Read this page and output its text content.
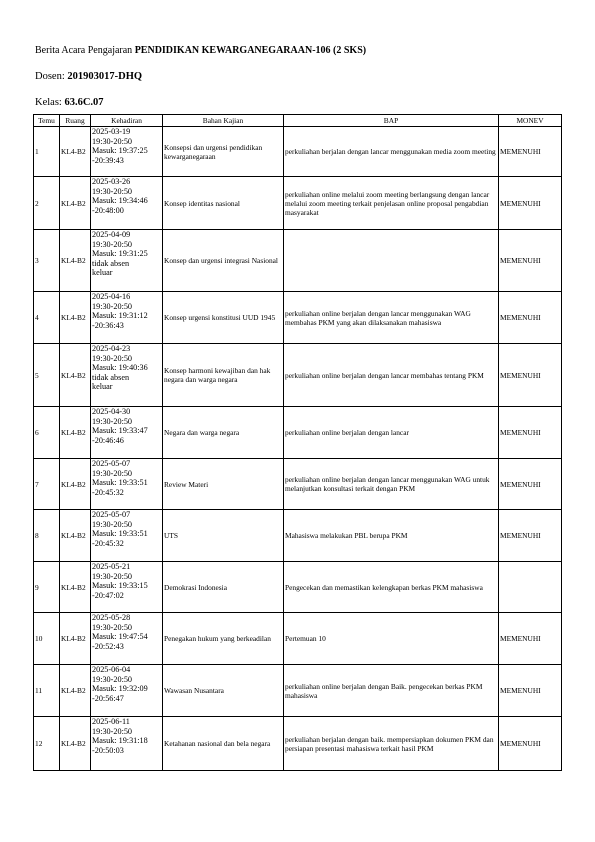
Berita Acara Pengajaran PENDIDIKAN KEWARGANEGARAAN-106 (2 SKS)
Dosen: 201903017-DHQ
Kelas: 63.6C.07
Temu	Ruang	Kehadiran	Bahan Kajian	BAP	MONEV
1	KL4-B2	2025-03-19
19:30-20:50
Masuk: 19:37:25
-20:39:43	Konsepsi dan urgensi pendidikan kewarganegaraan	perkuliahan berjalan dengan lancar menggunakan media zoom meeting	MEMENUHI
2	KL4-B2	2025-03-26
19:30-20:50
Masuk: 19:34:46
-20:48:00	Konsep identitas nasional	perkuliahan online melalui zoom meeting berlangsung dengan lancar melalui zoom meeting terkait penjelasan online proposal pengabdian masyarakat	MEMENUHI
3	KL4-B2	2025-04-09
19:30-20:50
Masuk: 19:31:25
tidak absen
keluar	Konsep dan urgensi integrasi Nasional		MEMENUHI
4	KL4-B2	2025-04-16
19:30-20:50
Masuk: 19:31:12
-20:36:43	Konsep urgensi konstitusi UUD 1945	perkuliahan online berjalan dengan lancar menggunakan WAG membahas PKM yang akan dilaksanakan mahasiswa	MEMENUHI
5	KL4-B2	2025-04-23
19:30-20:50
Masuk: 19:40:36
tidak absen
keluar	Konsep harmoni kewajiban dan hak negara dan warga negara	perkuliahan online berjalan dengan lancar membahas tentang PKM	MEMENUHI
6	KL4-B2	2025-04-30
19:30-20:50
Masuk: 19:33:47
-20:46:46	Negara dan warga negara	perkuliahan online berjalan dengan lancar	MEMENUHI
7	KL4-B2	2025-05-07
19:30-20:50
Masuk: 19:33:51
-20:45:32	Review Materi	perkuliahan online berjalan dengan lancar menggunakan WAG untuk melanjutkan konsultasi terkait dengan PKM	MEMENUHI
8	KL4-B2	2025-05-07
19:30-20:50
Masuk: 19:33:51
-20:45:32	UTS	Mahasiswa melakukan PBL berupa PKM	MEMENUHI
9	KL4-B2	2025-05-21
19:30-20:50
Masuk: 19:33:15
-20:47:02	Demokrasi Indonesia	Pengecekan dan memastikan kelengkapan berkas PKM mahasiswa	
10	KL4-B2	2025-05-28
19:30-20:50
Masuk: 19:47:54
-20:52:43	Penegakan hukum yang berkeadilan	Pertemuan 10	MEMENUHI
11	KL4-B2	2025-06-04
19:30-20:50
Masuk: 19:32:09
-20:56:47	Wawasan Nusantara	perkuliahan online berjalan dengan Baik. pengecekan berkas PKM mahasiswa	MEMENUHI
12	KL4-B2	2025-06-11
19:30-20:50
Masuk: 19:31:18
-20:50:03	Ketahanan nasional dan bela negara	perkuliahan berjalan dengan baik. mempersiapkan dokumen PKM dan persiapan presentasi mahasiswa terkait hasil PKM	MEMENUHI
